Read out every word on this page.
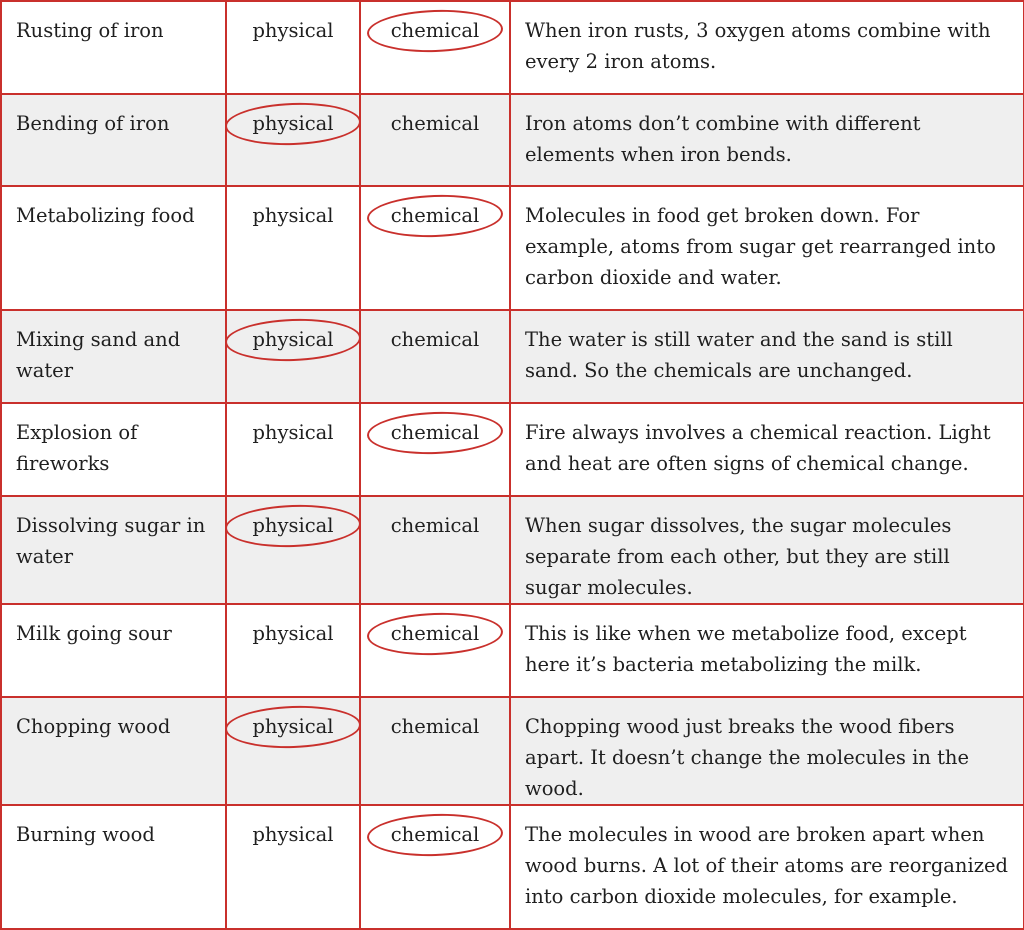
Rusting of iron	physical	chemical	When iron rusts, 3 oxygen atoms combine with every 2 iron atoms.
Bending of iron	physical	chemical	Iron atoms don’t combine with different elements when iron bends.
Metabolizing food	physical	chemical	Molecules in food get broken down. For example, atoms from sugar get rearranged into carbon dioxide and water.
Mixing sand and water	physical	chemical	The water is still water and the sand is still sand. So the chemicals are unchanged.
Explosion of fireworks	physical	chemical	Fire always involves a chemical reaction. Light and heat are often signs of chemical change.
Dissolving sugar in water	physical	chemical	When sugar dissolves, the sugar molecules separate from each other, but they are still sugar molecules.
Milk going sour	physical	chemical	This is like when we metabolize food, except here it’s bacteria metabolizing the milk.
Chopping wood	physical	chemical	Chopping wood just breaks the wood fibers apart. It doesn’t change the molecules in the wood.
Burning wood	physical	chemical	The molecules in wood are broken apart when wood burns. A lot of their atoms are reorganized into carbon dioxide molecules, for example.
